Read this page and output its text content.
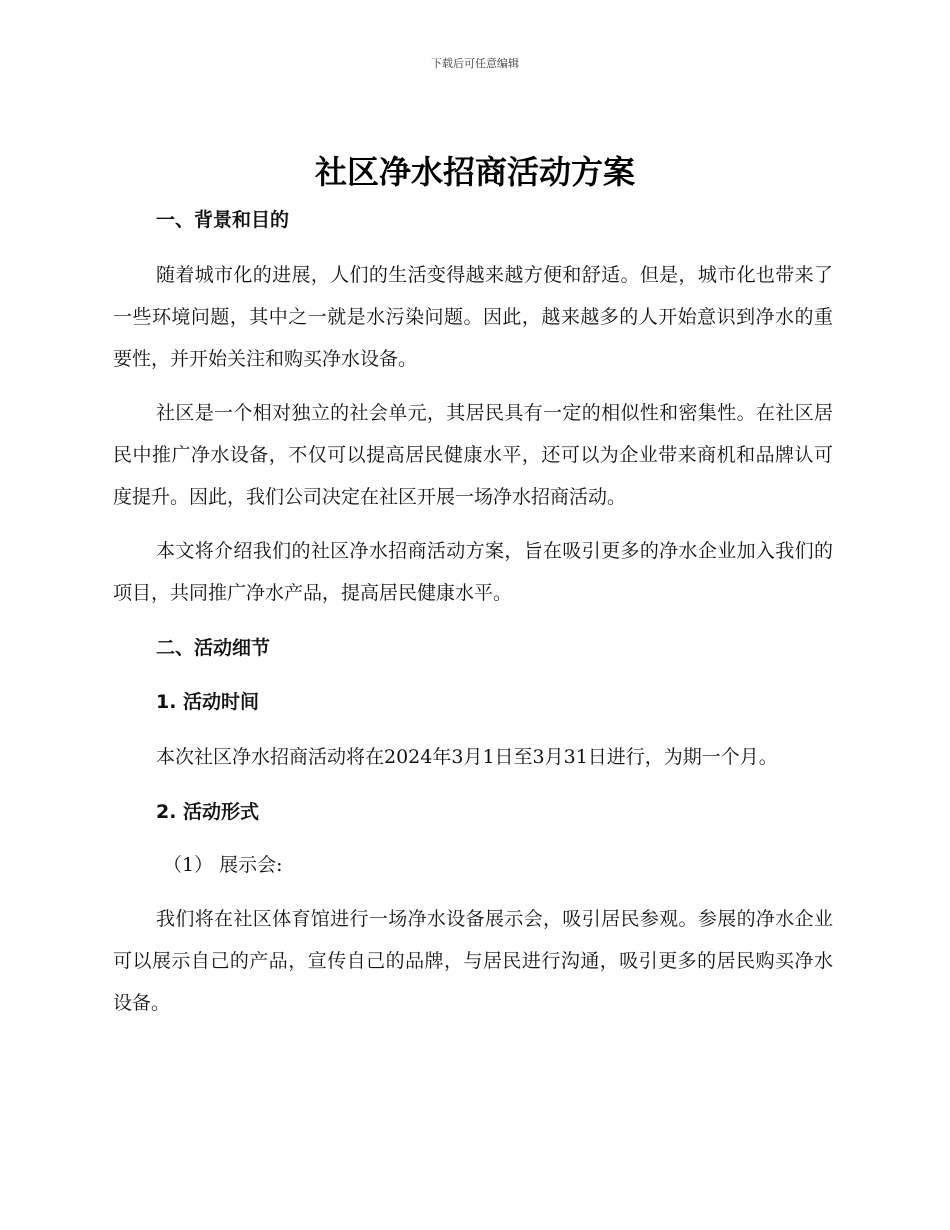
下载后可任意编辑
社区净水招商活动方案
一、背景和目的

随着城市化的进展，人们的生活变得越来越方便和舒适。但是，城市化也带来了一些环境问题，其中之一就是水污染问题。因此，越来越多的人开始意识到净水的重要性，并开始关注和购买净水设备。

社区是一个相对独立的社会单元，其居民具有一定的相似性和密集性。在社区居民中推广净水设备，不仅可以提高居民健康水平，还可以为企业带来商机和品牌认可度提升。因此，我们公司决定在社区开展一场净水招商活动。

本文将介绍我们的社区净水招商活动方案，旨在吸引更多的净水企业加入我们的项目，共同推广净水产品，提高居民健康水平。

二、活动细节
1. 活动时间

本次社区净水招商活动将在2024年3月1日至3月31日进行，为期一个月。

2. 活动形式

（1） 展示会:

我们将在社区体育馆进行一场净水设备展示会，吸引居民参观。参展的净水企业可以展示自己的产品，宣传自己的品牌，与居民进行沟通，吸引更多的居民购买净水设备。
